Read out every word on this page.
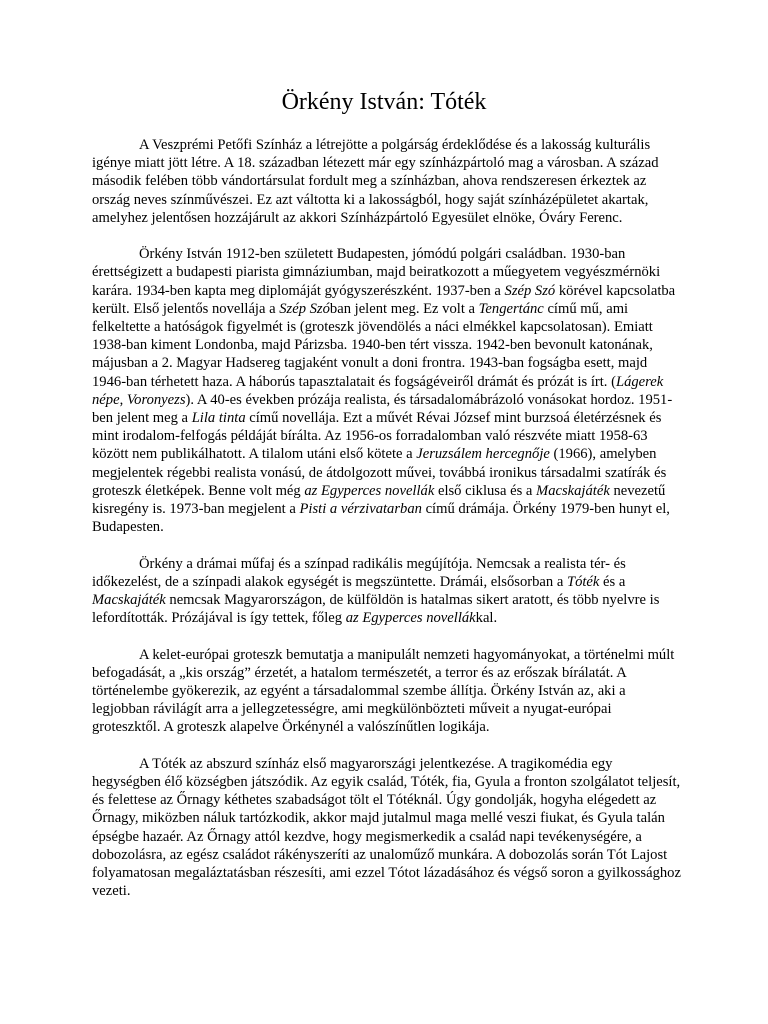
Örkény István: Tóték

A Veszprémi Petőfi Színház a létrejötte a polgárság érdeklődése és a lakosság kulturális igénye miatt jött létre. A 18. században létezett már egy színházpártoló mag a városban. A század második felében több vándortársulat fordult meg a színházban, ahova rendszeresen érkeztek az ország neves színművészei. Ez azt váltotta ki a lakosságból, hogy saját színházépületet akartak, amelyhez jelentősen hozzájárult az akkori Színházpártoló Egyesület elnöke, Óváry Ferenc.

Örkény István 1912-ben született Budapesten, jómódú polgári családban. 1930-ban érettségizett a budapesti piarista gimnáziumban, majd beiratkozott a műegyetem vegyészmérnöki karára. 1934-ben kapta meg diplomáját gyógyszerészként. 1937-ben a Szép Szó körével kapcsolatba került. Első jelentős novellája a Szép Szóban jelent meg. Ez volt a Tengertánc című mű, ami felkeltette a hatóságok figyelmét is (groteszk jövendölés a náci elmékkel kapcsolatosan). Emiatt 1938-ban kiment Londonba, majd Párizsba. 1940-ben tért vissza. 1942-ben bevonult katonának, májusban a 2. Magyar Hadsereg tagjaként vonult a doni frontra. 1943-ban fogságba esett, majd 1946-ban térhetett haza. A háborús tapasztalatait és fogságéveiről drámát és prózát is írt. (Lágerek népe, Voronyezs). A 40-es években prózája realista, és társadalomábrázoló vonásokat hordoz. 1951-ben jelent meg a Lila tinta című novellája. Ezt a művét Révai József mint burzsoá életérzésnek és mint irodalom-felfogás példáját bírálta. Az 1956-os forradalomban való részvéte miatt 1958-63 között nem publikálhatott. A tilalom utáni első kötete a Jeruzsálem hercegnője (1966), amelyben megjelentek régebbi realista vonású, de átdolgozott művei, továbbá ironikus társadalmi szatírák és groteszk életképek. Benne volt még az Egyperces novellák első ciklusa és a Macskajáték nevezetű kisregény is. 1973-ban megjelent a Pisti a vérzivatarban című drámája. Örkény 1979-ben hunyt el, Budapesten.

Örkény a drámai műfaj és a színpad radikális megújítója. Nemcsak a realista tér- és időkezelést, de a színpadi alakok egységét is megszüntette. Drámái, elsősorban a Tóték és a Macskajáték nemcsak Magyarországon, de külföldön is hatalmas sikert aratott, és több nyelvre is lefordították. Prózájával is így tettek, főleg az Egyperces novellákkal.

A kelet-európai groteszk bemutatja a manipulált nemzeti hagyományokat, a történelmi múlt befogadását, a „kis ország” érzetét, a hatalom természetét, a terror és az erőszak bírálatát. A történelembe gyökerezik, az egyént a társadalommal szembe állítja. Örkény István az, aki a legjobban rávilágít arra a jellegzetességre, ami megkülönbözteti műveit a nyugat-európai groteszktől. A groteszk alapelve Örkénynél a valószínűtlen logikája.

A Tóték az abszurd színház első magyarországi jelentkezése. A tragikomédia egy hegységben élő községben játszódik. Az egyik család, Tóték, fia, Gyula a fronton szolgálatot teljesít, és felettese az Őrnagy kéthetes szabadságot tölt el Tótéknál. Úgy gondolják, hogyha elégedett az Őrnagy, miközben náluk tartózkodik, akkor majd jutalmul maga mellé veszi fiukat, és Gyula talán épségbe hazaér. Az Őrnagy attól kezdve, hogy megismerkedik a család napi tevékenységére, a dobozolásra, az egész családot rákényszeríti az unaloműző munkára. A dobozolás során Tót Lajost folyamatosan megaláztatásban részesíti, ami ezzel Tótot lázadásához és végső soron a gyilkossághoz vezeti.
